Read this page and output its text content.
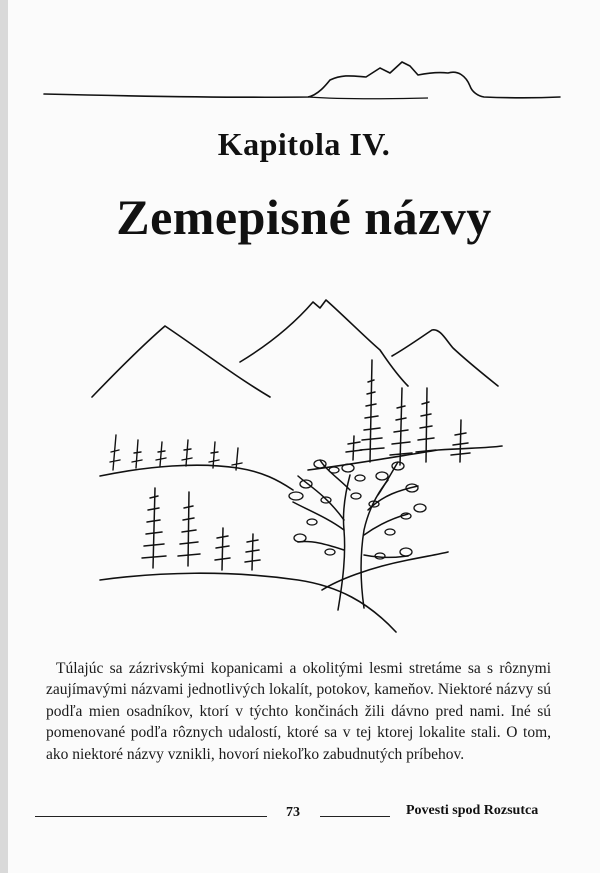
Kapitola IV.
Zemepisné názvy

Túlajúc sa zázrivskými kopanicami a okolitými lesmi stretáme sa s rôznymi zaujímavými názvami jednotlivých lokalít, potokov, kameňov. Niektoré názvy sú podľa mien osadníkov, ktorí v týchto končinách žili dávno pred nami. Iné sú pomenované podľa rôznych udalostí, ktoré sa v tej ktorej lokalite stali. O tom, ako niektoré názvy vznikli, hovorí niekoľko zabudnutých príbehov.

73	Povesti spod Rozsutca
